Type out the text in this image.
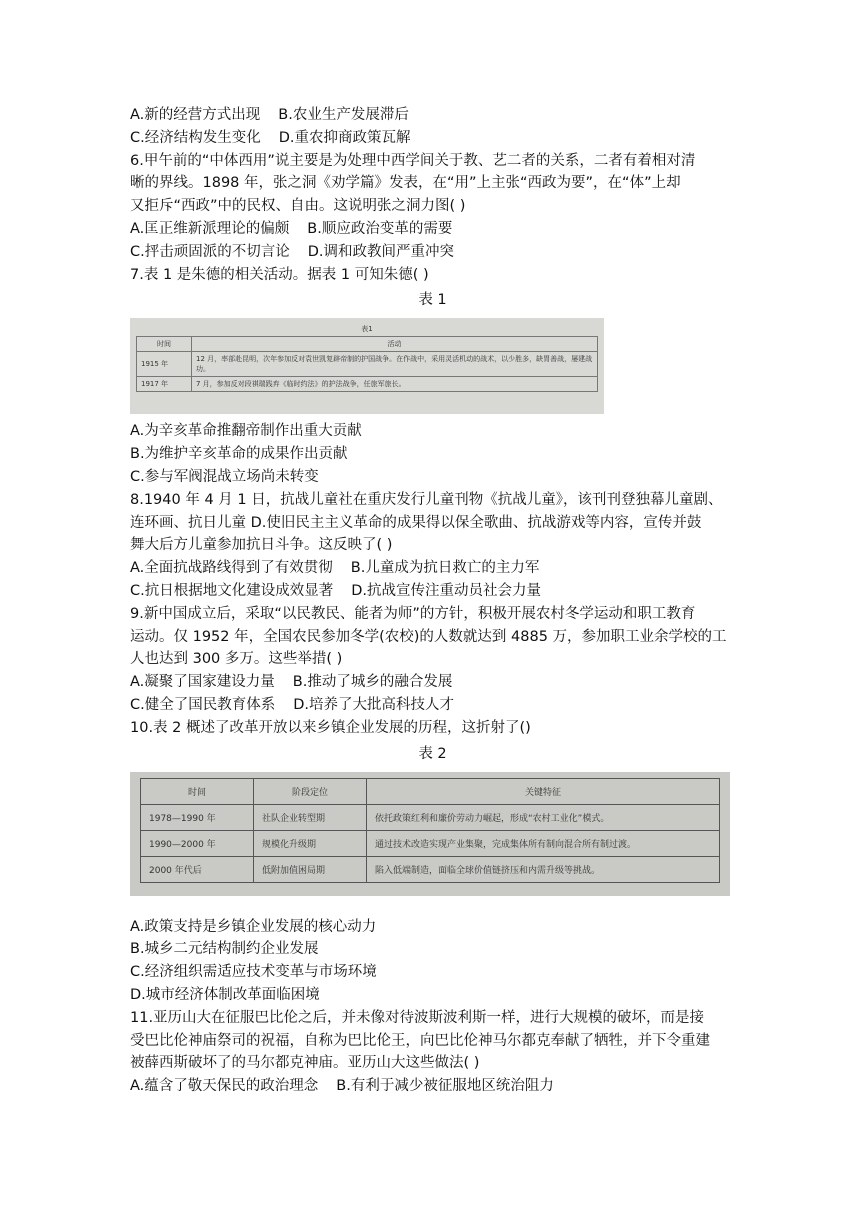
A.新的经营方式出现 B.农业生产发展滞后
C.经济结构发生变化 D.重农抑商政策瓦解
6.甲午前的“中体西用”说主要是为处理中西学间关于教、艺二者的关系，二者有着相对清
晰的界线。1898 年，张之洞《劝学篇》发表，在“用”上主张“西政为要”，在“体”上却
又拒斥“西政”中的民权、自由。这说明张之洞力图( )
A.匡正维新派理论的偏颇 B.顺应政治变革的需要
C.抨击顽固派的不切言论 D.调和政教间严重冲突
7.表 1 是朱德的相关活动。据表 1 可知朱德( )
表 1
表1	
时间	活动
1915 年	12 月，率部赴昆明，次年参加反对袁世凯复辟帝制的护国战争。在作战中，采用灵活机动的战术，以少胜多，缺胃善战，屡建战功。
1917 年	7 月，参加反对段祺瑞践弃《临时约法》的护法战争，任旅军旅长。
A.为辛亥革命推翻帝制作出重大贡献
B.为维护辛亥革命的成果作出贡献
C.参与军阀混战立场尚未转变
8.1940 年 4 月 1 日，抗战儿童社在重庆发行儿童刊物《抗战儿童》，该刊刊登独幕儿童剧、
连环画、抗日儿童 D.使旧民主主义革命的成果得以保全歌曲、抗战游戏等内容，宣传并鼓
舞大后方儿童参加抗日斗争。这反映了( )
A.全面抗战路线得到了有效贯彻 B.儿童成为抗日救亡的主力军
C.抗日根据地文化建设成效显著 D.抗战宣传注重动员社会力量
9.新中国成立后，采取“以民教民、能者为师”的方针，积极开展农村冬学运动和职工教育
运动。仅 1952 年，全国农民参加冬学(农校)的人数就达到 4885 万，参加职工业余学校的工
人也达到 300 多万。这些举措( )
A.凝聚了国家建设力量 B.推动了城乡的融合发展
C.健全了国民教育体系 D.培养了大批高科技人才
10.表 2 概述了改革开放以来乡镇企业发展的历程，这折射了()
表 2
时间	阶段定位	关键特征
1978—1990 年	社队企业转型期	依托政策红利和廉价劳动力崛起，形成“农村工业化”模式。
1990—2000 年	规模化升级期	通过技术改造实现产业集聚，完成集体所有制向混合所有制过渡。
2000 年代后	低附加值困局期	陷入低端制造，面临全球价值链挤压和内需升级等挑战。
A.政策支持是乡镇企业发展的核心动力
B.城乡二元结构制约企业发展
C.经济组织需适应技术变革与市场环境
D.城市经济体制改革面临困境
11.亚历山大在征服巴比伦之后，并未像对待波斯波利斯一样，进行大规模的破坏，而是接
受巴比伦神庙祭司的祝福，自称为巴比伦王，向巴比伦神马尔都克奉献了牺牲，并下令重建
被薛西斯破坏了的马尔都克神庙。亚历山大这些做法( )
A.蕴含了敬天保民的政治理念 B.有利于减少被征服地区统治阻力
